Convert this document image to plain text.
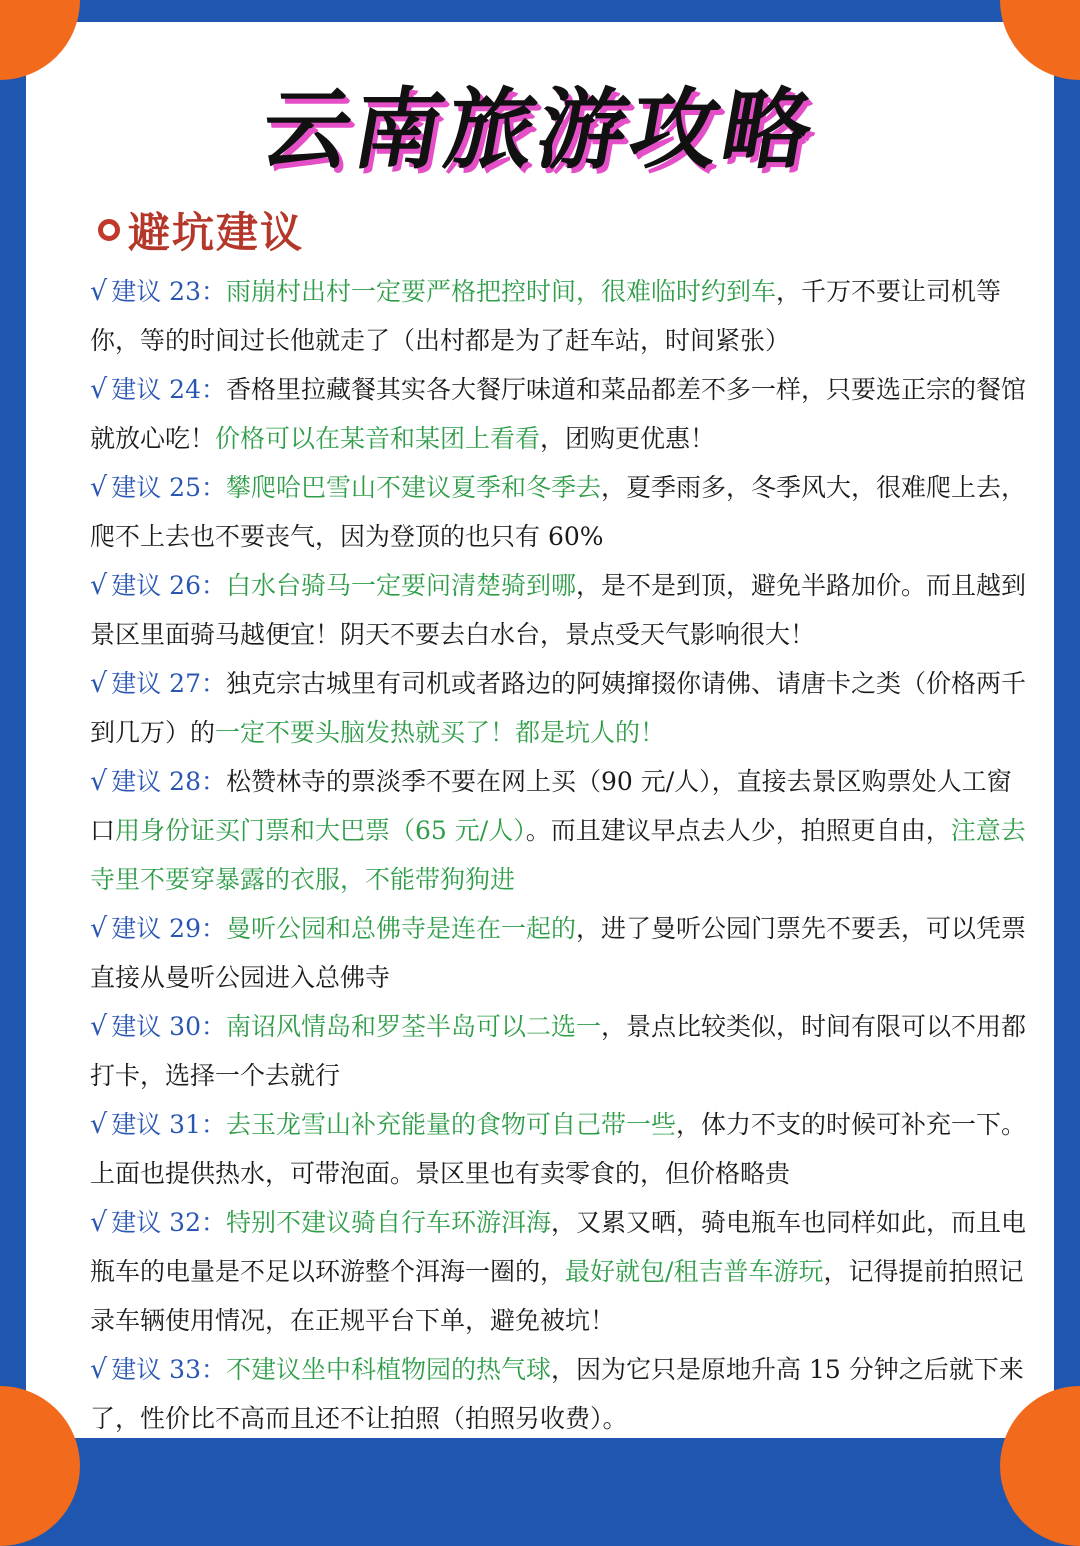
云南旅游攻略
避坑建议

√ 建议 23：雨崩村出村一定要严格把控时间，很难临时约到车，千万不要让司机等你，等的时间过长他就走了（出村都是为了赶车站，时间紧张）

√ 建议 24：香格里拉藏餐其实各大餐厅味道和菜品都差不多一样，只要选正宗的餐馆就放心吃！价格可以在某音和某团上看看，团购更优惠！

√ 建议 25：攀爬哈巴雪山不建议夏季和冬季去，夏季雨多，冬季风大，很难爬上去，爬不上去也不要丧气，因为登顶的也只有 60%

√ 建议 26：白水台骑马一定要问清楚骑到哪，是不是到顶，避免半路加价。而且越到景区里面骑马越便宜！阴天不要去白水台，景点受天气影响很大！

√ 建议 27：独克宗古城里有司机或者路边的阿姨撺掇你请佛、请唐卡之类（价格两千到几万）的一定不要头脑发热就买了！都是坑人的！

√ 建议 28：松赞林寺的票淡季不要在网上买（90 元/人），直接去景区购票处人工窗口用身份证买门票和大巴票（65 元/人）。而且建议早点去人少，拍照更自由，注意去寺里不要穿暴露的衣服，不能带狗狗进

√ 建议 29：曼听公园和总佛寺是连在一起的，进了曼听公园门票先不要丢，可以凭票直接从曼听公园进入总佛寺

√ 建议 30：南诏风情岛和罗荃半岛可以二选一，景点比较类似，时间有限可以不用都打卡，选择一个去就行

√ 建议 31：去玉龙雪山补充能量的食物可自己带一些，体力不支的时候可补充一下。上面也提供热水，可带泡面。景区里也有卖零食的，但价格略贵

√ 建议 32：特别不建议骑自行车环游洱海，又累又晒，骑电瓶车也同样如此，而且电瓶车的电量是不足以环游整个洱海一圈的，最好就包/租吉普车游玩，记得提前拍照记录车辆使用情况，在正规平台下单，避免被坑！

√ 建议 33：不建议坐中科植物园的热气球，因为它只是原地升高 15 分钟之后就下来了，性价比不高而且还不让拍照（拍照另收费）。
